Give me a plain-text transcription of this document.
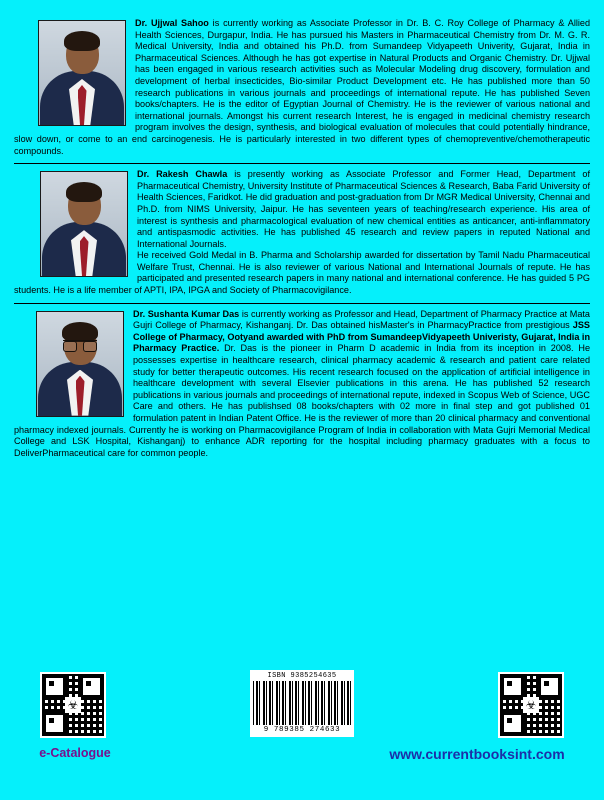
Dr. Ujjwal Sahoo is currently working as Associate Professor in Dr. B. C. Roy College of Pharmacy & Allied Health Sciences, Durgapur, India. He has pursued his Masters in Pharmaceutical Chemistry from Dr. M. G. R. Medical University, India and obtained his Ph.D. from Sumandeep Vidyapeeth Univerity, Gujarat, India in Pharmaceutical Sciences. Although he has got expertise in Natural Products and Organic Chemistry. Dr. Ujjwal has been engaged in various research activities such as Molecular Modeling drug discovery, formulation and development of herbal insecticides, Bio-similar Product Development etc. He has published more than 50 research publications in various journals and proceedings of international repute. He has published Seven books/chapters. He is the editor of Egyptian Journal of Chemistry. He is the reviewer of various national and international journals. Amongst his current research Interest, he is engaged in medicinal chemistry research program involves the design, synthesis, and biological evaluation of molecules that could potentially hindrance, slow down, or come to an end carcinogenesis. He is particularly interested in two different types of chemopreventive/chemotherapeutic compounds.
Dr. Rakesh Chawla is presently working as Associate Professor and Former Head, Department of Pharmaceutical Chemistry, University Institute of Pharmaceutical Sciences & Research, Baba Farid University of Health Sciences, Faridkot. He did graduation and post-graduation from Dr MGR Medical University, Chennai and Ph.D. from NIMS University, Jaipur. He has seventeen years of teaching/research experience. His area of interest is synthesis and pharmacological evaluation of new chemical entities as anticancer, anti-inflammatory and antispasmodic activities. He has published 45 research and review papers in reputed National and International Journals.
He received Gold Medal in B. Pharma and Scholarship awarded for dissertation by Tamil Nadu Pharmaceutical Welfare Trust, Chennai. He is also reviewer of various National and International Journals of repute. He has participated and presented research papers in many national and international conference. He has guided 5 PG students. He is a life member of APTI, IPA, IPGA and Society of Pharmacovigilance.
Dr. Sushanta Kumar Das is currently working as Professor and Head, Department of Pharmacy Practice at Mata Gujri College of Pharmacy, Kishanganj. Dr. Das obtained hisMaster's in PharmacyPractice from prestigious JSS College of Pharmacy, Ootyand awarded with PhD from SumandeepVidyapeeth Univeristy, Gujarat, India in Pharmacy Practice. Dr. Das is the pioneer in Pharm D academic in India from its inception in 2008. He possesses expertise in healthcare research, clinical pharmacy academic & research and patient care related study for better therapeutic outcomes. His recent research focused on the application of artificial intelligence in healthcare development with several Elsevier publications in this arena. He has published 52 research publications in various journals and proceedings of international repute, indexed in Scopus Web of Science, UGC Care and others. He has publishsed 08 books/chapters with 02 more in final step and got published 01 formulation patent in Indian Patent Office. He is the reviewer of more than 20 clinical pharmacy and conventional pharmacy indexed journals. Currently he is working on Pharmacovigilance Program of India in collaboration with Mata Gujri Memorial Medical College and LSK Hospital, Kishanganj) to enhance ADR reporting for the hospital including pharmacy graduates with a focus to DeliverPharmaceutical care for common people.
☣
e-Catalogue
ISBN 9385254635
9 789385 274633
☣
www.currentbooksint.com
